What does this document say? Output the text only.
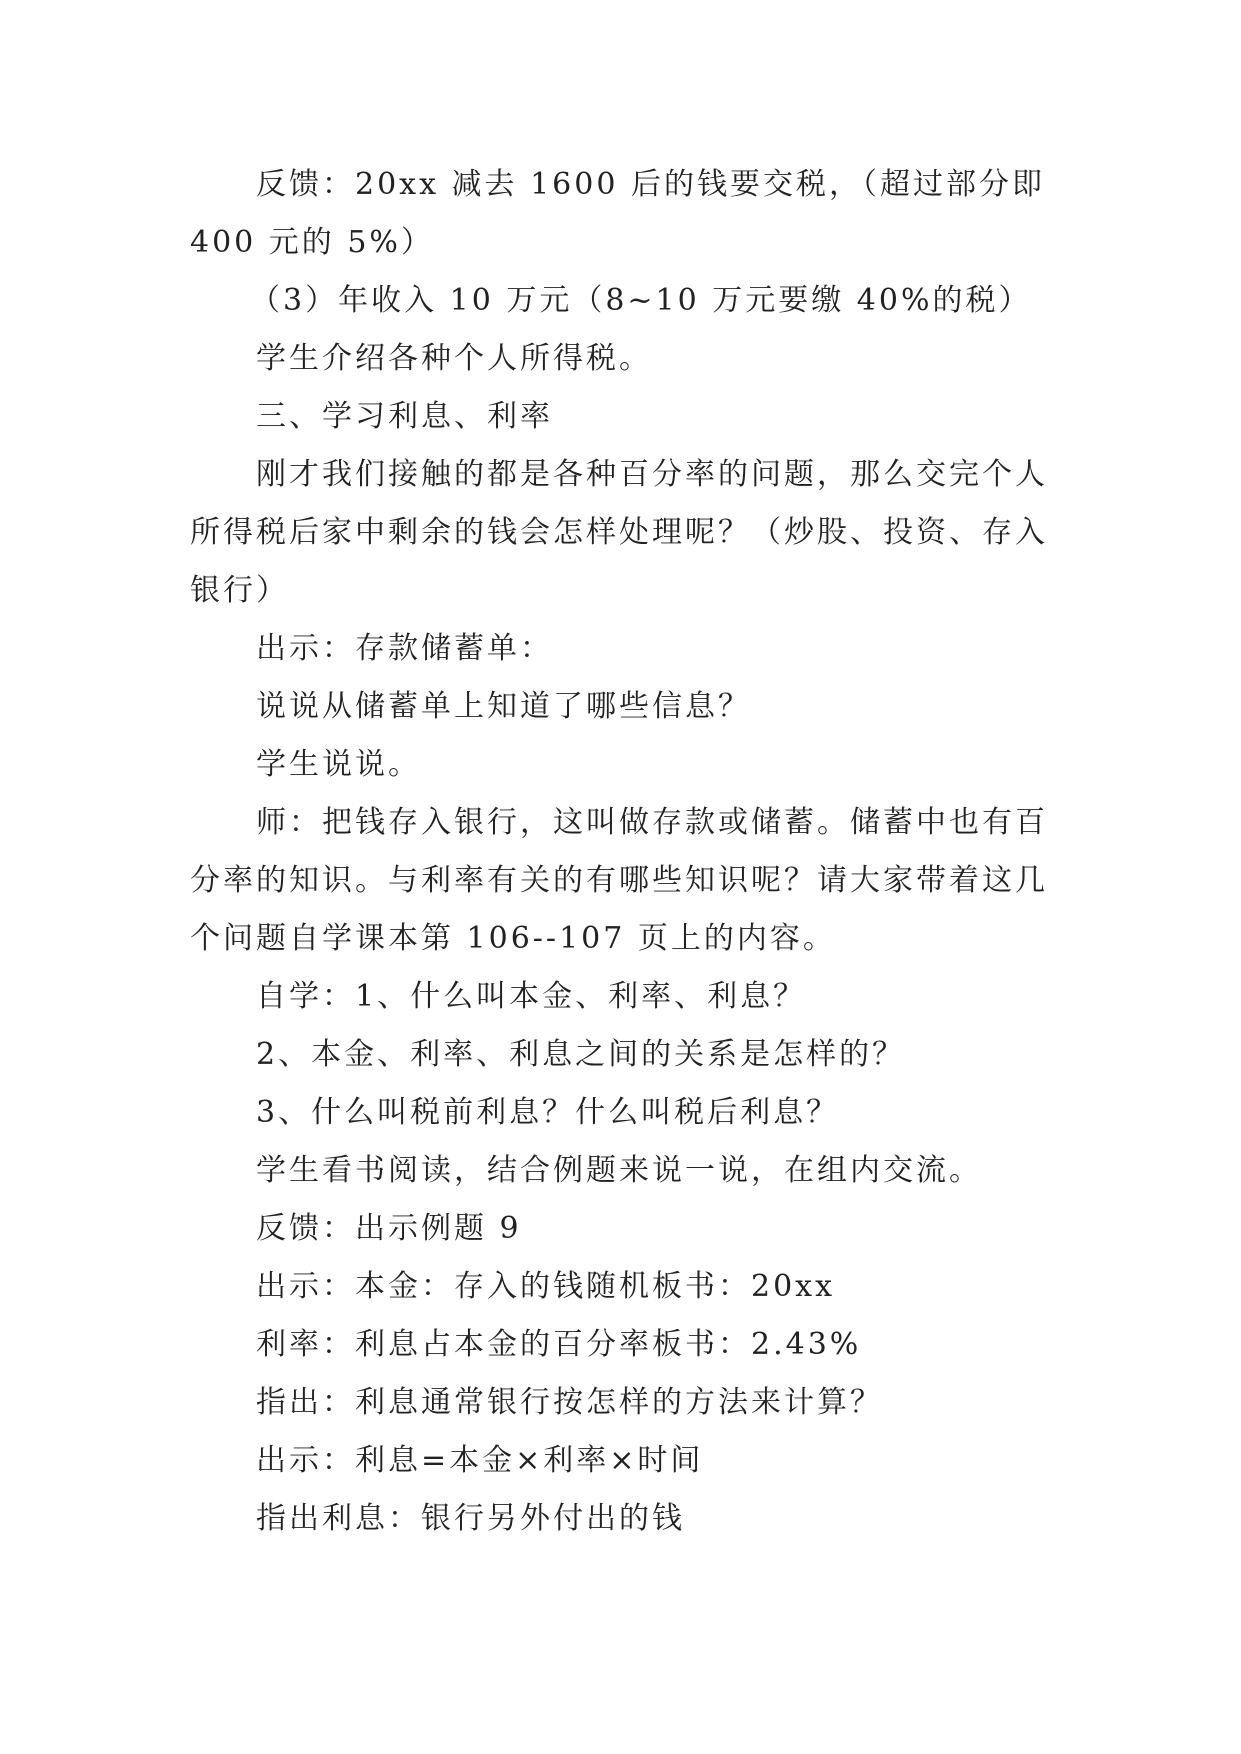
反馈：20xx 减去 1600 后的钱要交税，（超过部分即 400 元的 5%）

（3）年收入 10 万元（8~10 万元要缴 40%的税）

学生介绍各种个人所得税。

三、学习利息、利率

刚才我们接触的都是各种百分率的问题，那么交完个人所得税后家中剩余的钱会怎样处理呢？（炒股、投资、存入银行）

出示：存款储蓄单：

说说从储蓄单上知道了哪些信息？

学生说说。

师：把钱存入银行，这叫做存款或储蓄。储蓄中也有百分率的知识。与利率有关的有哪些知识呢？请大家带着这几个问题自学课本第 106--107 页上的内容。

自学：1、什么叫本金、利率、利息？

2、本金、利率、利息之间的关系是怎样的？

3、什么叫税前利息？什么叫税后利息？

学生看书阅读，结合例题来说一说，在组内交流。

反馈：出示例题 9

出示：本金：存入的钱随机板书：20xx

利率：利息占本金的百分率板书：2.43%

指出：利息通常银行按怎样的方法来计算？

出示：利息=本金×利率×时间

指出利息：银行另外付出的钱
